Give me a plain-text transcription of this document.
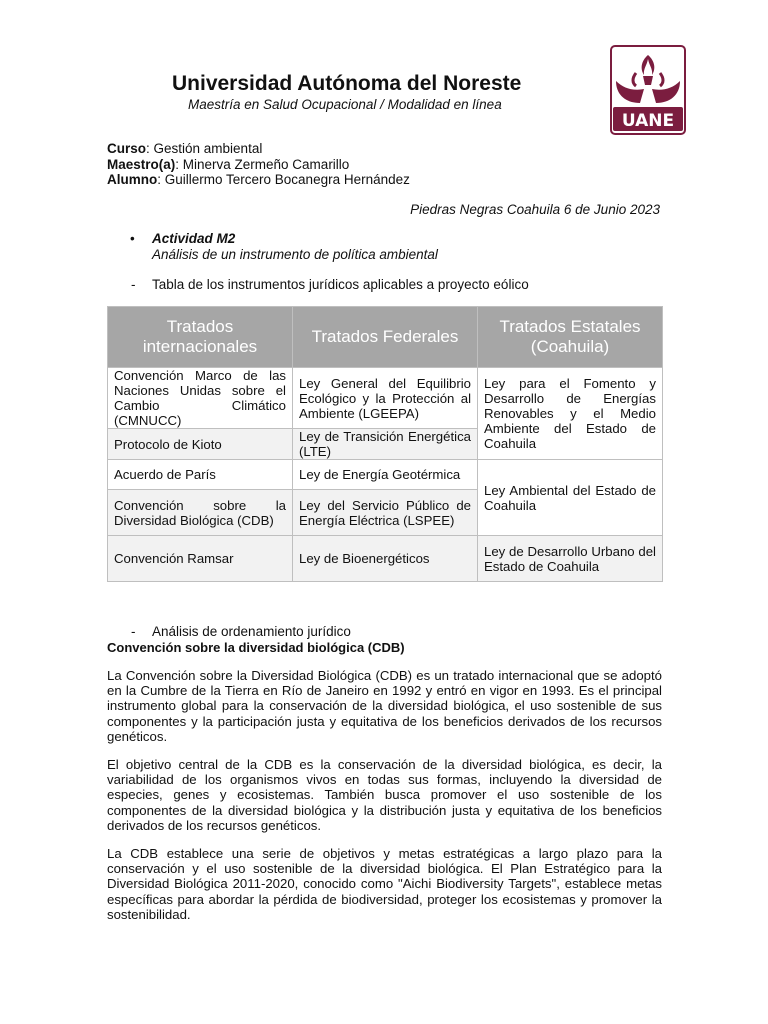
Universidad Autónoma del Noreste
Maestría en Salud Ocupacional / Modalidad en línea
UANE
Curso: Gestión ambiental
Maestro(a): Minerva Zermeño Camarillo
Alumno: Guillermo Tercero Bocanegra Hernández
Piedras Negras Coahuila 6 de Junio 2023
• Actividad M2
Análisis de un instrumento de política ambiental
- Tabla de los instrumentos jurídicos aplicables a proyecto eólico
Tratados internacionales	Tratados Federales	Tratados Estatales (Coahuila)
Convención Marco de las Naciones Unidas sobre el Cambio Climático (CMNUCC)	Ley General del Equilibrio Ecológico y la Protección al Ambiente (LGEEPA)	Ley para el Fomento y Desarrollo de Energías Renovables y el Medio Ambiente del Estado de Coahuila
Protocolo de Kioto	Ley de Transición Energética (LTE)	
Acuerdo de París	Ley de Energía Geotérmica	Ley Ambiental del Estado de Coahuila
Convención sobre la Diversidad Biológica (CDB)	Ley del Servicio Público de Energía Eléctrica (LSPEE)	
Convención Ramsar	Ley de Bioenergéticos	Ley de Desarrollo Urbano del Estado de Coahuila
- Análisis de ordenamiento jurídico
Convención sobre la diversidad biológica (CDB)
La Convención sobre la Diversidad Biológica (CDB) es un tratado internacional que se adoptó en la Cumbre de la Tierra en Río de Janeiro en 1992 y entró en vigor en 1993. Es el principal instrumento global para la conservación de la diversidad biológica, el uso sostenible de sus componentes y la participación justa y equitativa de los beneficios derivados de los recursos genéticos.
El objetivo central de la CDB es la conservación de la diversidad biológica, es decir, la variabilidad de los organismos vivos en todas sus formas, incluyendo la diversidad de especies, genes y ecosistemas. También busca promover el uso sostenible de los componentes de la diversidad biológica y la distribución justa y equitativa de los beneficios derivados de los recursos genéticos.
La CDB establece una serie de objetivos y metas estratégicas a largo plazo para la conservación y el uso sostenible de la diversidad biológica. El Plan Estratégico para la Diversidad Biológica 2011-2020, conocido como "Aichi Biodiversity Targets", establece metas específicas para abordar la pérdida de biodiversidad, proteger los ecosistemas y promover la sostenibilidad.
